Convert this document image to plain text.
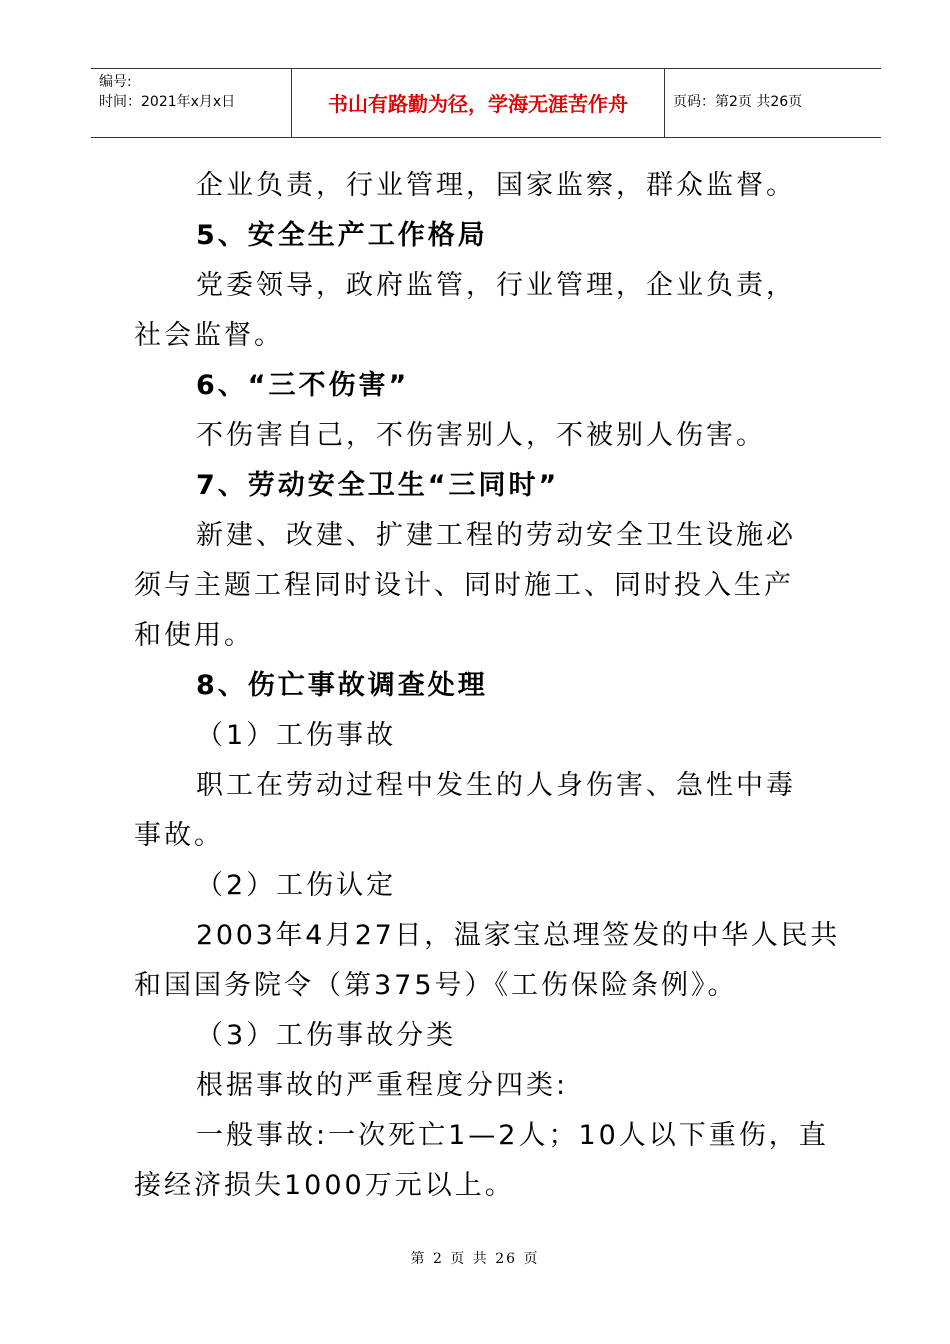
编号:
时间：2021年x月x日	书山有路勤为径，学海无涯苦作舟	页码：第2页 共26页
企业负责，行业管理，国家监察，群众监督。
5、安全生产工作格局
党委领导，政府监管，行业管理，企业负责，
社会监督。
6、“三不伤害”
不伤害自己，不伤害别人，不被别人伤害。
7、劳动安全卫生“三同时”
新建、改建、扩建工程的劳动安全卫生设施必
须与主题工程同时设计、同时施工、同时投入生产
和使用。
8、伤亡事故调查处理
（1）工伤事故
职工在劳动过程中发生的人身伤害、急性中毒
事故。
（2）工伤认定
2003年4月27日，温家宝总理签发的中华人民共
和国国务院令（第375号）《工伤保险条例》。
（3）工伤事故分类
根据事故的严重程度分四类:
一般事故:一次死亡1—2人；10人以下重伤，直
接经济损失1000万元以上。
第 2 页 共 26 页
